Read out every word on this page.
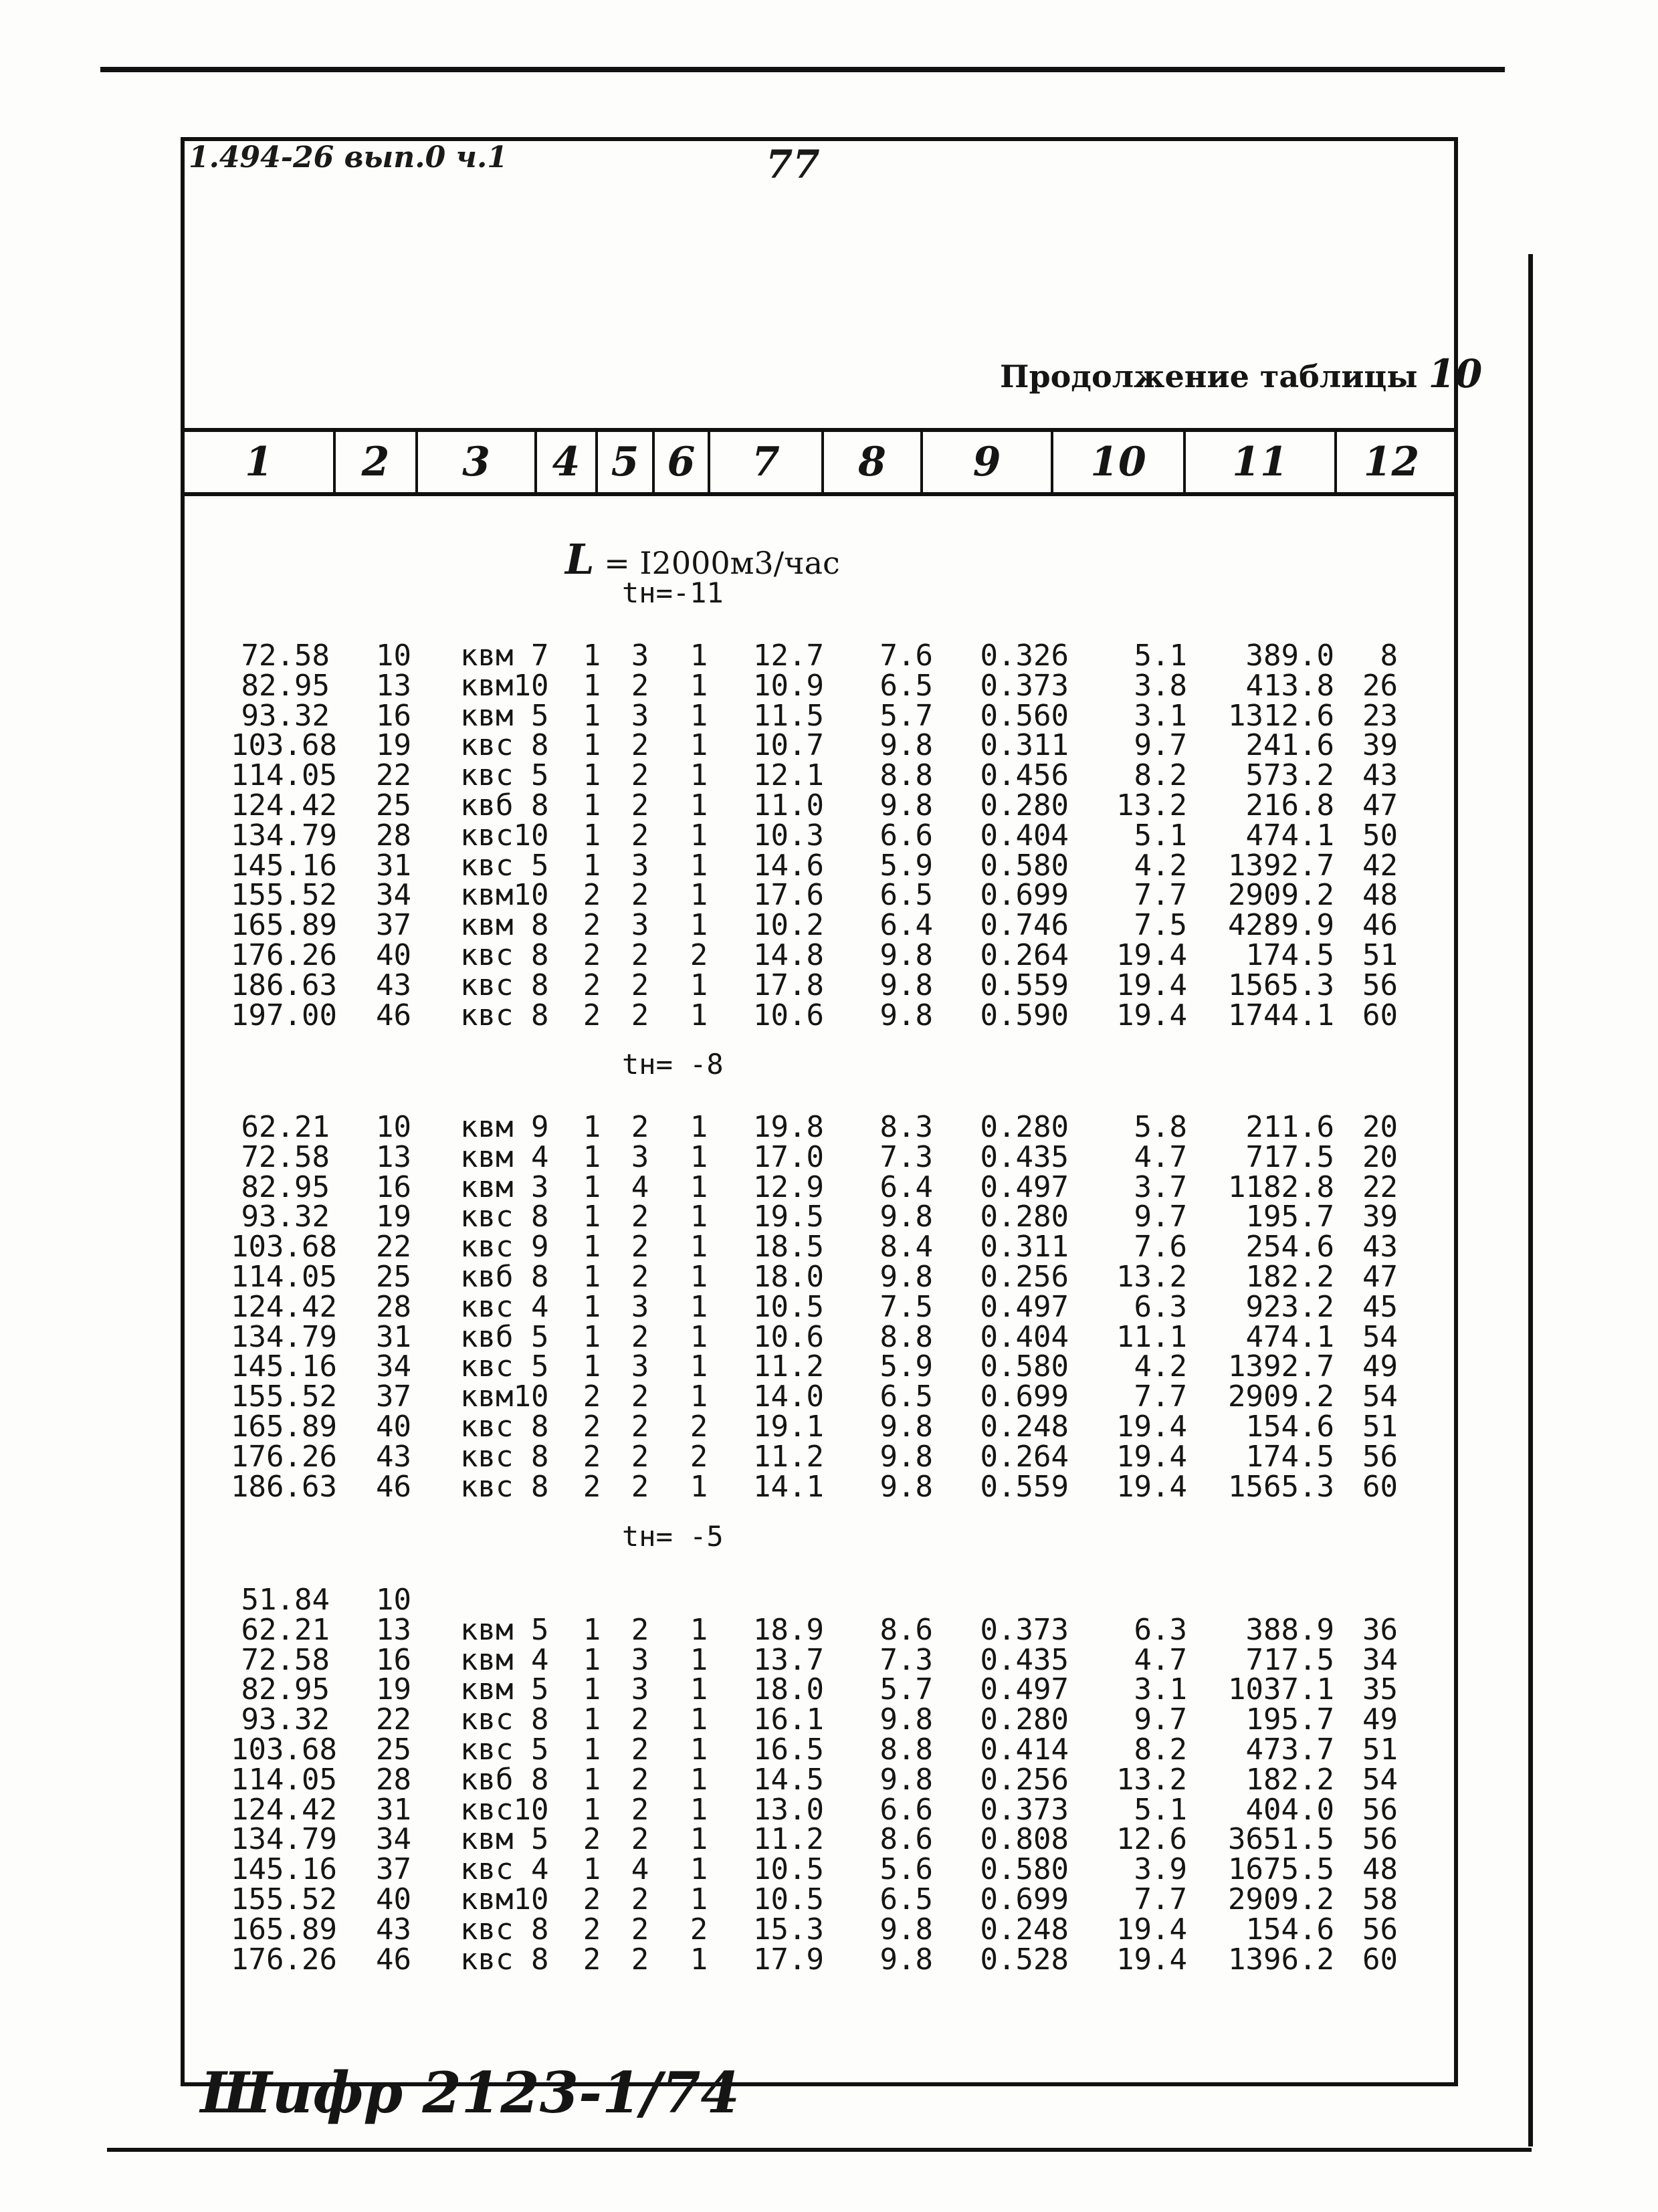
1.494-26 вып.0 ч.1	77
Продолжение таблицы 10
1	2	3	4 5 6	7	8	9	10	11	12
L = I2000м3/час
tн=-11
tн= -8
tн= -5
72.58	10 квм 7	1 3 1	12.7	7.6	0.326	5.1	389.0	8
82.95	13 квм10	1 2 1	10.9	6.5	0.373	3.8	413.8 26
93.32	16 квм 5	1 3 1	11.5	5.7	0.560	3.1	1312.6 23
103.68	19 квс 8	1 2 1	10.7	9.8	0.311	9.7	241.6 39
114.05	22 квс 5	1 2 1	12.1	8.8	0.456	8.2	573.2 43
124.42	25 квб 8	1 2 1	11.0	9.8	0.280 13.2	216.8 47
134.79	28 квс10	1 2 1	10.3	6.6	0.404	5.1	474.1 50
145.16	31 квс 5	1 3 1	14.6	5.9	0.580	4.2	1392.7 42
155.52	34 квм10	2 2 1	17.6	6.5	0.699	7.7	2909.2 48
165.89	37 квм 8	2 3 1	10.2	6.4	0.746	7.5	4289.9 46
176.26	40 квс 8	2 2 2	14.8	9.8	0.264 19.4	174.5 51
186.63	43 квс 8	2 2 1	17.8	9.8	0.559 19.4	1565.3 56
197.00	46 квс 8	2 2 1	10.6	9.8	0.590 19.4	1744.1 60
62.21	10 квм 9	1 2 1	19.8	8.3	0.280	5.8	211.6 20
72.58	13 квм 4	1 3 1	17.0	7.3	0.435	4.7	717.5 20
82.95	16 квм 3	1 4 1	12.9	6.4	0.497	3.7	1182.8 22
93.32	19 квс 8	1 2 1	19.5	9.8	0.280	9.7	195.7 39
103.68	22 квс 9	1 2 1	18.5	8.4	0.311	7.6	254.6 43
114.05	25 квб 8	1 2 1	18.0	9.8	0.256 13.2	182.2 47
124.42	28 квс 4	1 3 1	10.5	7.5	0.497	6.3	923.2 45
134.79	31 квб 5	1 2 1	10.6	8.8	0.404 11.1	474.1 54
145.16	34 квс 5	1 3 1	11.2	5.9	0.580	4.2	1392.7 49
155.52	37 квм10	2 2 1	14.0	6.5	0.699	7.7	2909.2 54
165.89	40 квс 8	2 2 2	19.1	9.8	0.248 19.4	154.6 51
176.26	43 квс 8	2 2 2	11.2	9.8	0.264 19.4	174.5 56
186.63	46 квс 8	2 2 1	14.1	9.8	0.559 19.4	1565.3 60
51.84	10
62.21	13 квм 5	1 2 1	18.9	8.6	0.373	6.3	388.9 36
72.58	16 квм 4	1 3 1	13.7	7.3	0.435	4.7	717.5 34
82.95	19 квм 5	1 3 1	18.0	5.7	0.497	3.1	1037.1 35
93.32	22 квс 8	1 2 1	16.1	9.8	0.280	9.7	195.7 49
103.68	25 квс 5	1 2 1	16.5	8.8	0.414	8.2	473.7 51
114.05	28 квб 8	1 2 1	14.5	9.8	0.256 13.2	182.2 54
124.42	31 квс10	1 2 1	13.0	6.6	0.373	5.1	404.0 56
134.79	34 квм 5	2 2 1	11.2	8.6	0.808 12.6	3651.5 56
145.16	37 квс 4	1 4 1	10.5	5.6	0.580	3.9	1675.5 48
155.52	40 квм10	2 2 1	10.5	6.5	0.699	7.7	2909.2 58
165.89	43 квс 8	2 2 2	15.3	9.8	0.248 19.4	154.6 56
176.26	46 квс 8	2 2 1	17.9	9.8	0.528 19.4	1396.2 60
Шифр 2123-1/74
